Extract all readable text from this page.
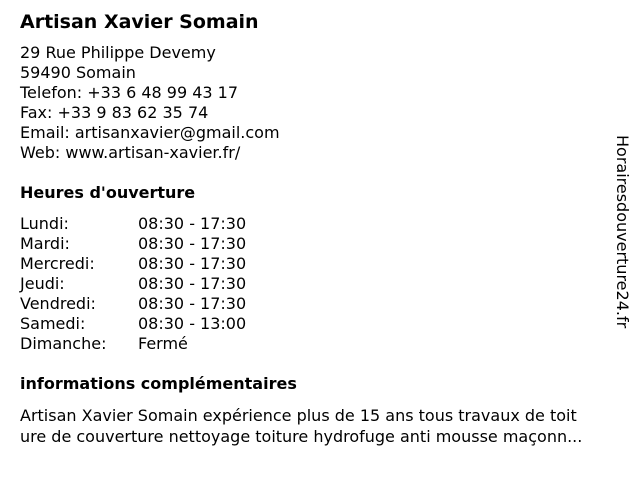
Artisan Xavier Somain
29 Rue Philippe Devemy
59490 Somain
Telefon: +33 6 48 99 43 17
Fax: +33 9 83 62 35 74
Email: artisanxavier@gmail.com
Web: www.artisan-xavier.fr/
Heures d'ouverture
Lundi:	08:30 - 17:30
Mardi:	08:30 - 17:30
Mercredi:	08:30 - 17:30
Jeudi:	08:30 - 17:30
Vendredi:	08:30 - 17:30
Samedi:	08:30 - 13:00
Dimanche: Fermé
informations complémentaires
Artisan Xavier Somain expérience plus de 15 ans tous travaux de toit
ure de couverture nettoyage toiture hydrofuge anti mousse maçonn...
Horairesdouverture24.fr
